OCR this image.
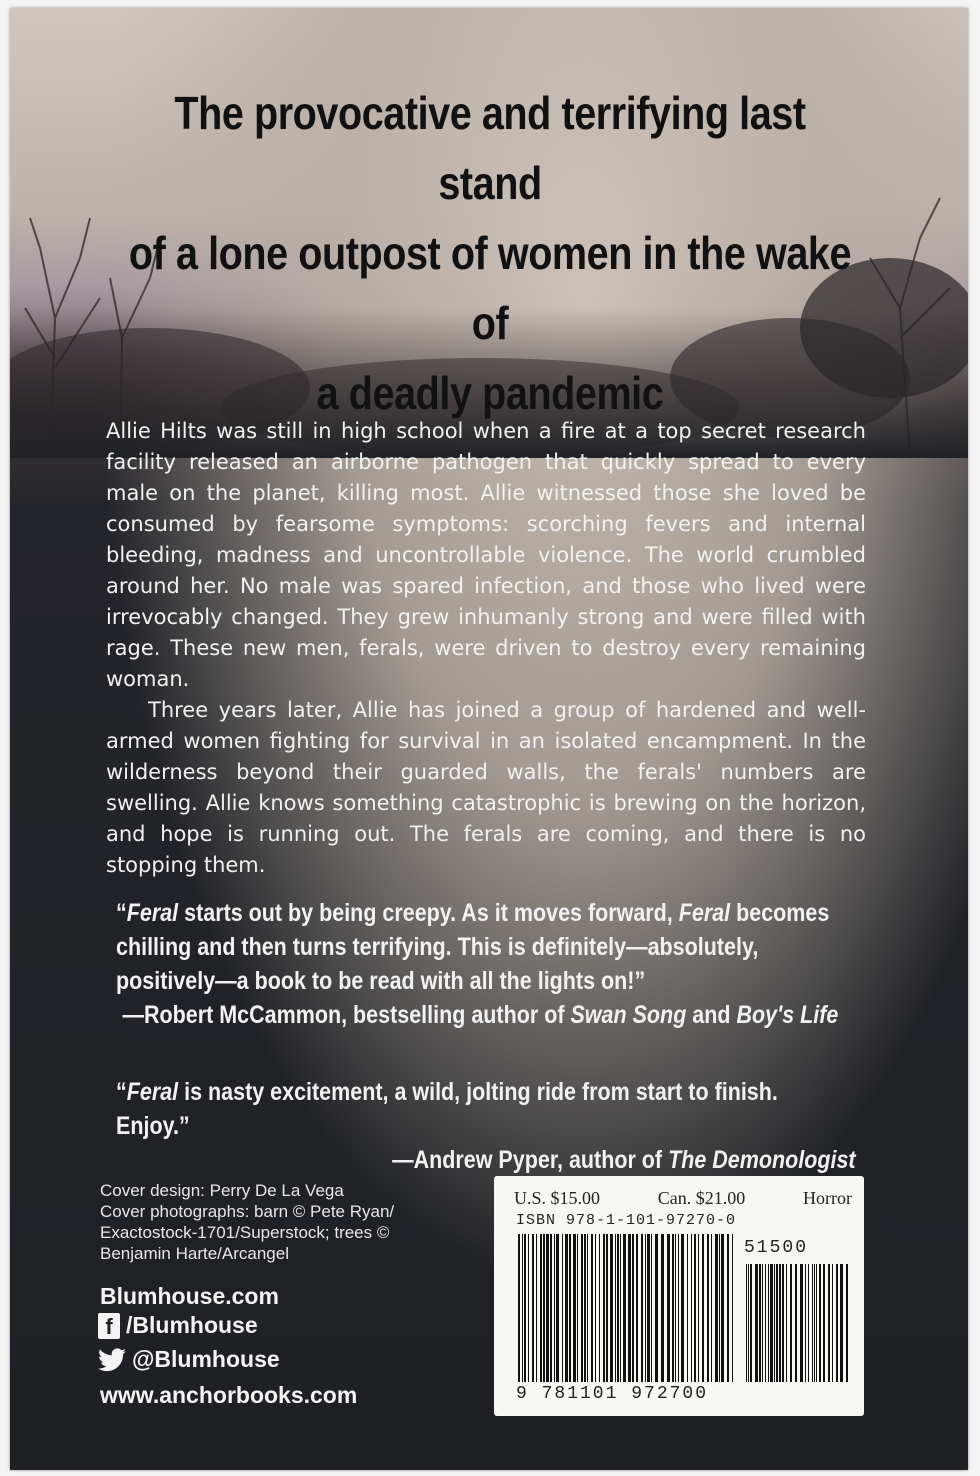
The provocative and terrifying last stand
of a lone outpost of women in the wake of
a deadly pandemic

Allie Hilts was still in high school when a fire at a top secret research facility released an airborne pathogen that quickly spread to every male on the planet, killing most. Allie witnessed those she loved be consumed by fearsome symptoms: scorching fevers and internal bleeding, madness and uncontrollable violence. The world crumbled around her. No male was spared infection, and those who lived were irrevocably changed. They grew inhumanly strong and were filled with rage. These new men, ferals, were driven to destroy every remaining woman.

Three years later, Allie has joined a group of hardened and well-armed women fighting for survival in an isolated encampment. In the wilderness beyond their guarded walls, the ferals' numbers are swelling. Allie knows something catastrophic is brewing on the horizon, and hope is running out. The ferals are coming, and there is no stopping them.

“Feral starts out by being creepy. As it moves forward, Feral becomes chilling and then turns terrifying. This is definitely—absolutely, positively—a book to be read with all the lights on!”
—Robert McCammon, bestselling author of Swan Song and Boy's Life
“Feral is nasty excitement, a wild, jolting ride from start to finish. Enjoy.”
—Andrew Pyper, author of The Demonologist
Cover design: Perry De La Vega
Cover photographs: barn © Pete Ryan/
Exactostock-1701/Superstock; trees ©
Benjamin Harte/Arcangel
Blumhouse.com
f /Blumhouse
@Blumhouse
www.anchorbooks.com
U.S. $15.00	Can. $21.00	Horror
ISBN 978-1-101-97270-0
51500
9 781101 972700
